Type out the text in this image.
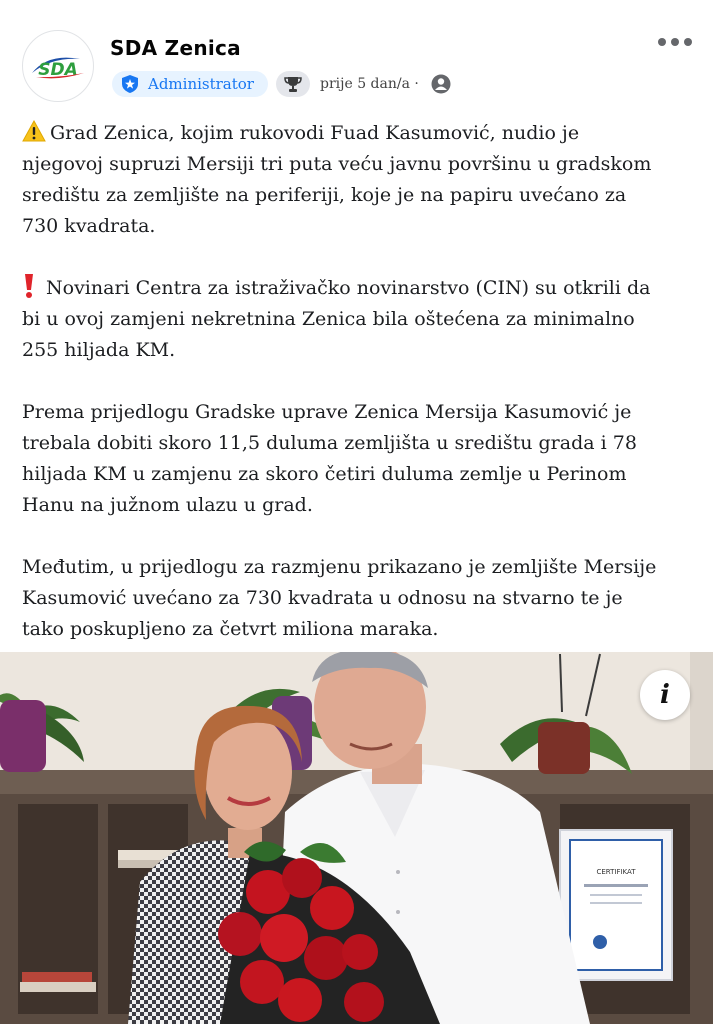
SDA
SDA Zenica
Administrator	prije 5 dan/a ·
Grad Zenica, kojim rukovodi Fuad Kasumović, nudio je
njegovoj supruzi Mersiji tri puta veću javnu površinu u gradskom
središtu za zemljište na periferiji, koje je na papiru uvećano za
730 kvadrata.
Novinari Centra za istraživačko novinarstvo (CIN) su otkrili da
bi u ovoj zamjeni nekretnina Zenica bila oštećena za minimalno
255 hiljada KM.
Prema prijedlogu Gradske uprave Zenica Mersija Kasumović je
trebala dobiti skoro 11,5 duluma zemljišta u središtu grada i 78
hiljada KM u zamjenu za skoro četiri duluma zemlje u Perinom
Hanu na južnom ulazu u grad.
Međutim, u prijedlogu za razmjenu prikazano je zemljište Mersije
Kasumović uvećano za 730 kvadrata u odnosu na stvarno te je
tako poskupljeno za četvrt miliona maraka.
CERTIFIKAT
i
